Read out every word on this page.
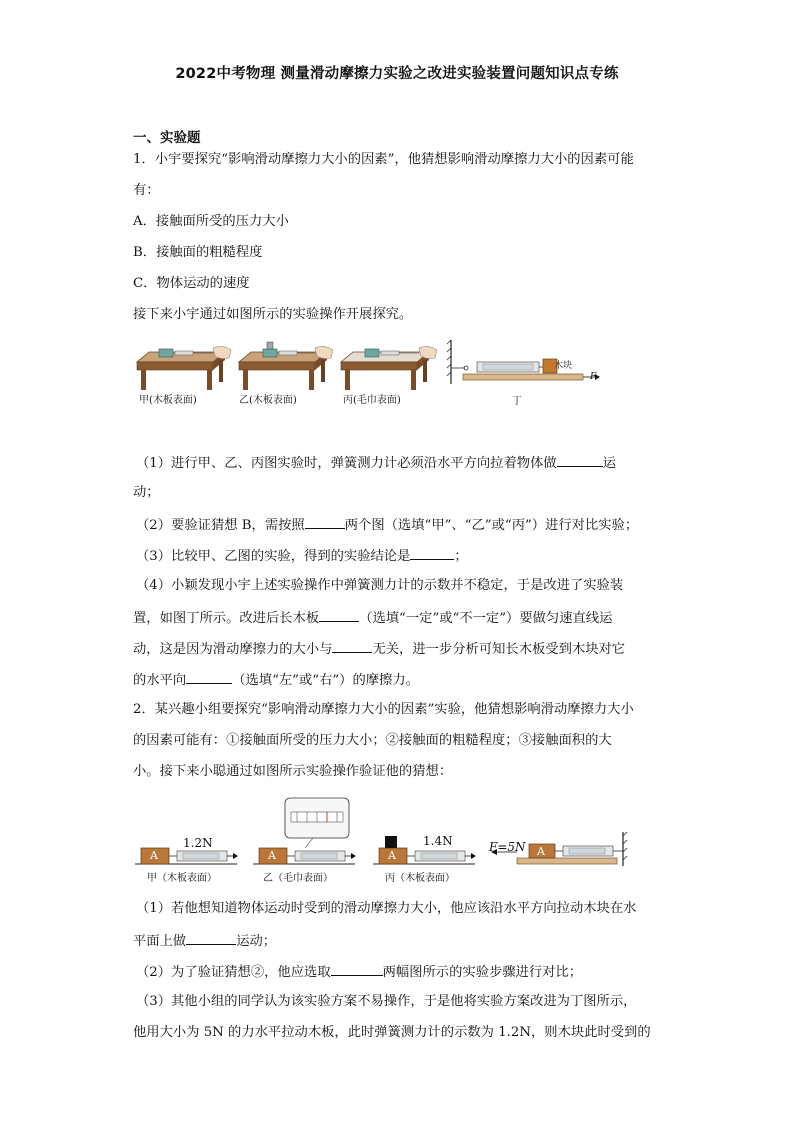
2022中考物理 测量滑动摩擦力实验之改进实验装置问题知识点专练
一、实验题
1．小宇要探究“影响滑动摩擦力大小的因素”，他猜想影响滑动摩擦力大小的因素可能
有：
A．接触面所受的压力大小
B．接触面的粗糙程度
C．物体运动的速度
接下来小宇通过如图所示的实验操作开展探究。
甲(木板表面)	乙(木板表面)	丙(毛巾表面)	丁
木块
F
（1）进行甲、乙、丙图实验时，弹簧测力计必须沿水平方向拉着物体做	运
动；
（2）要验证猜想 B，需按照	两个图（选填“甲”、“乙”或“丙”）进行对比实验；
（3）比较甲、乙图的实验，得到的实验结论是	；
（4）小颖发现小宇上述实验操作中弹簧测力计的示数并不稳定，于是改进了实验装
置，如图丁所示。改进后长木板	（选填“一定”或“不一定”）要做匀速直线运
动，这是因为滑动摩擦力的大小与	无关，进一步分析可知长木板受到木块对它
的水平向	（选填“左”或“右”）的摩擦力。
2．某兴趣小组要探究“影响滑动摩擦力大小的因素”实验，他猜想影响滑动摩擦力大小
的因素可能有：①接触面所受的压力大小；②接触面的粗糙程度；③接触面积的大
小。接下来小聪通过如图所示实验操作验证他的猜想：
A	A	A	A
1.2N	1.4N	F=5N
甲（木板表面）	乙（毛巾表面）	丙（木板表面）
（1）若他想知道物体运动时受到的滑动摩擦力大小，他应该沿水平方向拉动木块在水
平面上做	运动；
（2）为了验证猜想②，他应选取	两幅图所示的实验步骤进行对比；
（3）其他小组的同学认为该实验方案不易操作，于是他将实验方案改进为丁图所示，
他用大小为 5N 的力水平拉动木板，此时弹簧测力计的示数为 1.2N，则木块此时受到的
